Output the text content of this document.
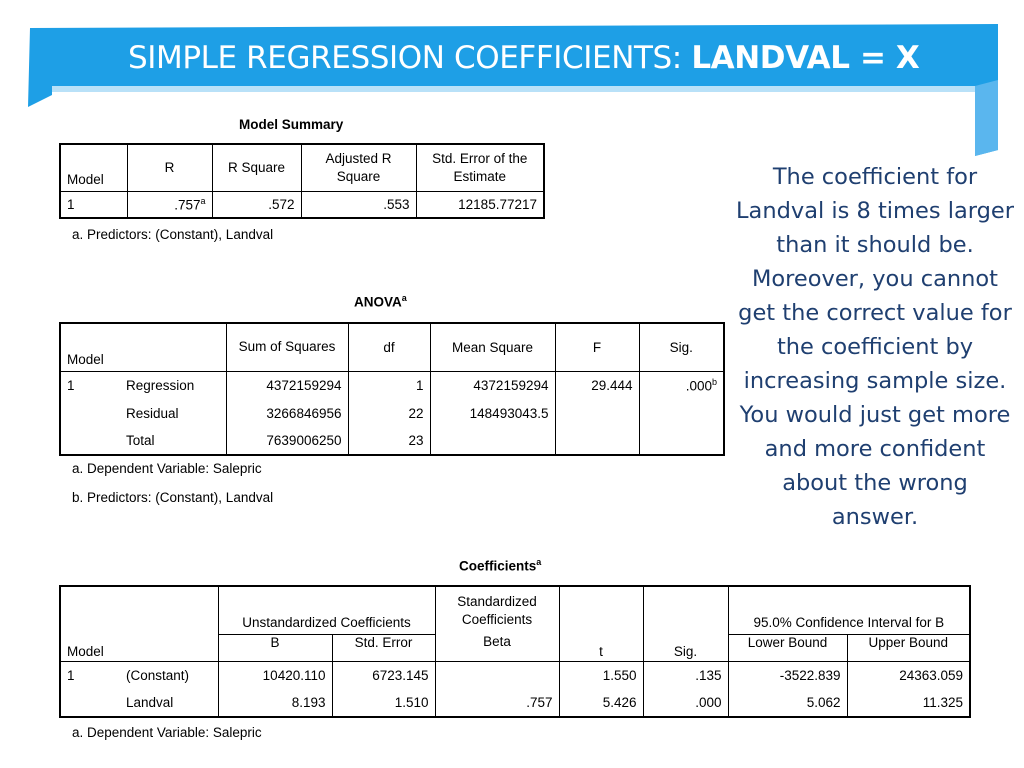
SIMPLE REGRESSION COEFFICIENTS: LANDVAL = X
Model Summary
Model	R	R Square	Adjusted R Square	Std. Error of the Estimate
1	.757$^a$	.572	.553	12185.77217
a. Predictors: (Constant), Landval
ANOVA$^a$
Model		Sum of Squares	df	Mean Square	F	Sig.
1	Regression	4372159294	1	4372159294	29.444	.000$^b$
	Residual	3266846956	22	148493043.5		
	Total	7639006250	23			
a. Dependent Variable: Salepric
b. Predictors: (Constant), Landval
Coefficients$^a$
		Unstandardized Coefficients		Standardized Coefficients			95.0% Confidence Interval for B	
Model		B	Std. Error	Beta	t	Sig.	Lower Bound	Upper Bound
1	(Constant)	10420.110	6723.145		1.550	.135	-3522.839	24363.059
	Landval	8.193	1.510	.757	5.426	.000	5.062	11.325
a. Dependent Variable: Salepric
The coefficient for Landval is 8 times larger than it should be. Moreover, you cannot get the correct value for the coefficient by increasing sample size. You would just get more and more confident about the wrong answer.
